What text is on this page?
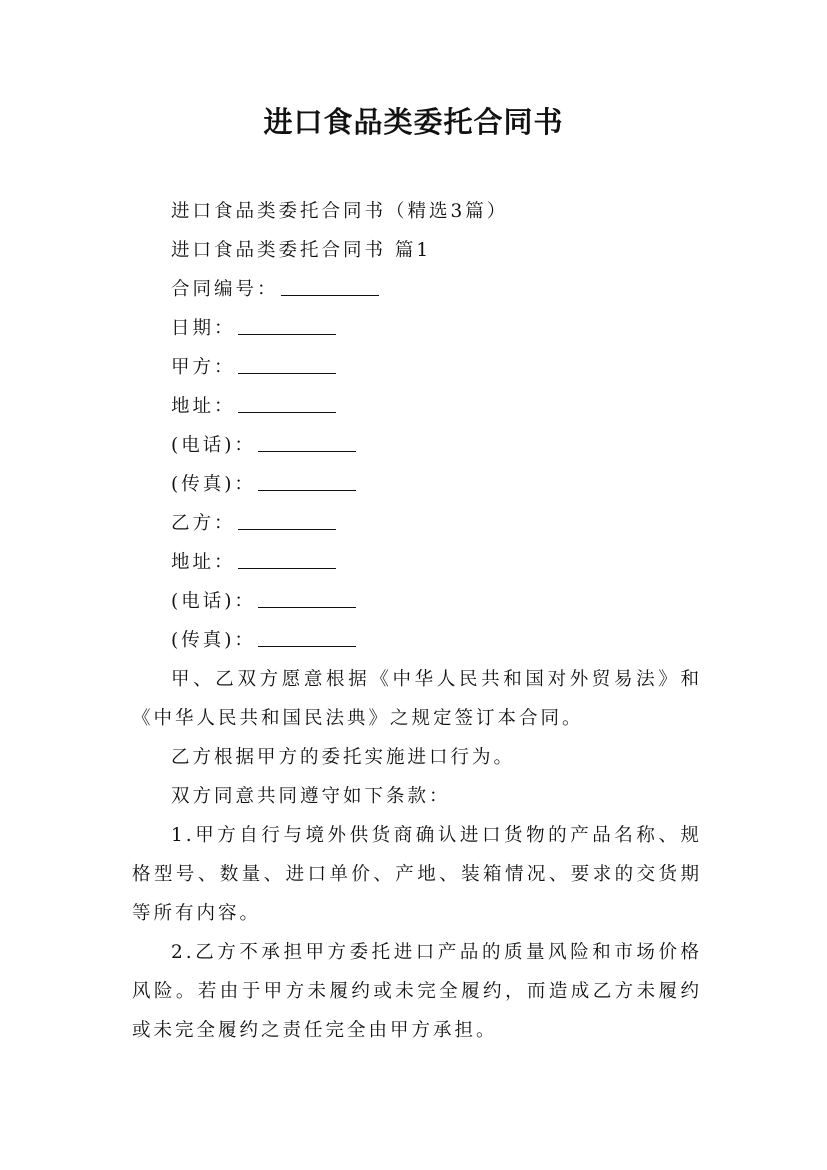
进口食品类委托合同书
进口食品类委托合同书（精选3篇）
进口食品类委托合同书 篇1
合同编号：
日期：
甲方：
地址：
(电话)：
(传真)：
乙方：
地址：
(电话)：
(传真)：

甲、乙双方愿意根据《中华人民共和国对外贸易法》和《中华人民共和国民法典》之规定签订本合同。

乙方根据甲方的委托实施进口行为。

双方同意共同遵守如下条款：

1.甲方自行与境外供货商确认进口货物的产品名称、规格型号、数量、进口单价、产地、装箱情况、要求的交货期等所有内容。

2.乙方不承担甲方委托进口产品的质量风险和市场价格风险。若由于甲方未履约或未完全履约，而造成乙方未履约或未完全履约之责任完全由甲方承担。
